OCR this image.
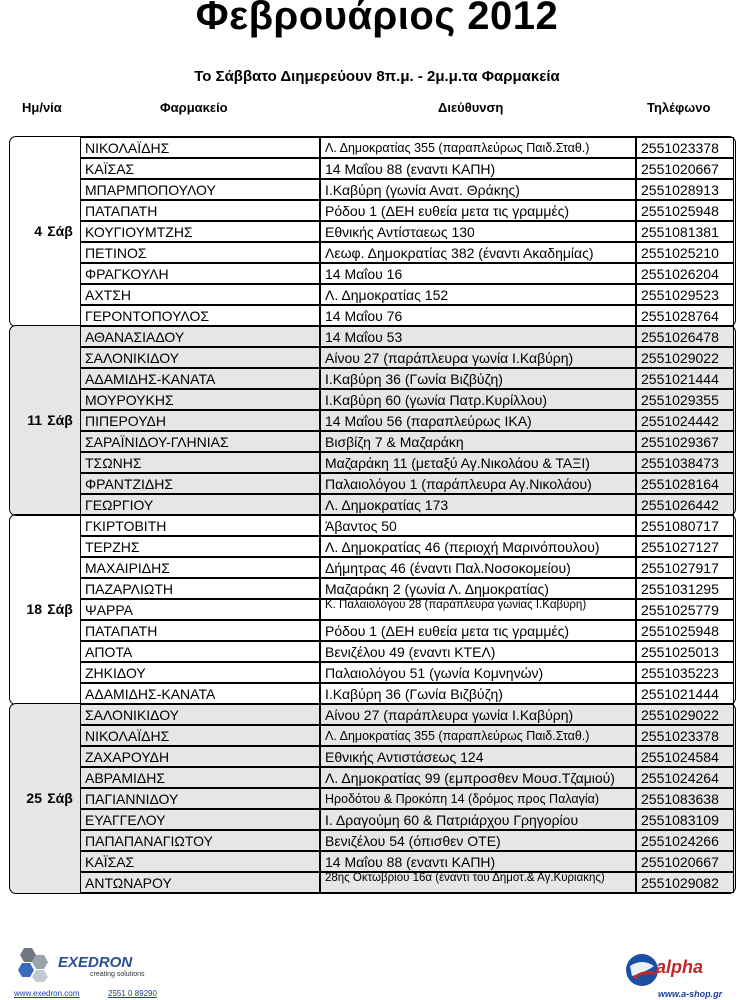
Φεβρουάριος 2012
Το Σάββατο Διημερεύουν 8π.μ. - 2μ.μ.τα Φαρμακεία
Ημ/νία	Φαρμακείο	Διεύθυνση	Τηλέφωνο
4 Σάβ
ΝΙΚΟΛΑΪΔΗΣ	Λ. Δημοκρατίας 355 (παραπλεύρως Παιδ.Σταθ.)	2551023378
ΚΑΪΣΑΣ	14 Μαΐου 88 (εναντι ΚΑΠΗ)	2551020667
ΜΠΑΡΜΠΟΠΟΥΛΟΥ	Ι.Καβύρη (γωνία Ανατ. Θράκης)	2551028913
ΠΑΤΑΠΑΤΗ	Ρόδου 1 (ΔΕΗ ευθεία μετα τις γραμμές)	2551025948
ΚΟΥΓΙΟΥΜΤΖΗΣ	Εθνικής Αντίσταεως 130	2551081381
ΠΕΤΙΝΟΣ	Λεωφ. Δημοκρατίας 382 (έναντι Ακαδημίας)	2551025210
ΦΡΑΓΚΟΥΛΗ	14 Μαΐου 16	2551026204
ΑΧΤΣΗ	Λ. Δημοκρατίας 152	2551029523
ΓΕΡΟΝΤΟΠΟΥΛΟΣ	14 Μαΐου 76	2551028764
11 Σάβ
ΑΘΑΝΑΣΙΑΔΟΥ	14 Μαΐου 53	2551026478
ΣΑΛΟΝΙΚΙΔΟΥ	Αίνου 27 (παράπλευρα γωνία Ι.Καβύρη)	2551029022
ΑΔΑΜΙΔΗΣ-ΚΑΝΑΤΑ	Ι.Καβύρη 36 (Γωνία Βιζβύζη)	2551021444
ΜΟΥΡΟΥΚΗΣ	Ι.Καβύρη 60 (γωνία Πατρ.Κυρίλλου)	2551029355
ΠΙΠΕΡΟΥΔΗ	14 Μαΐου 56 (παραπλεύρως ΙΚΑ)	2551024442
ΣΑΡΑΪΝΙΔΟΥ-ΓΛΗΝΙΑΣ	Βισβίζη 7 & Μαζαράκη	2551029367
ΤΣΩΝΗΣ	Μαζαράκη 11 (μεταξύ Αγ.Νικολάου & ΤΑΞΙ)	2551038473
ΦΡΑΝΤΖΙΔΗΣ	Παλαιολόγου 1 (παράπλευρα Αγ.Νικολάου)	2551028164
ΓΕΩΡΓΙΟΥ	Λ. Δημοκρατίας 173	2551026442
18 Σάβ
ΓΚΙΡΤΟΒΙΤΗ	Άβαντος 50	2551080717
ΤΕΡΖΗΣ	Λ. Δημοκρατίας 46 (περιοχή Μαρινόπουλου)	2551027127
ΜΑΧΑΙΡΙΔΗΣ	Δήμητρας 46 (έναντι Παλ.Νοσοκομείου)	2551027917
ΠΑΖΑΡΛΙΩΤΗ	Μαζαράκη 2 (γωνία Λ. Δημοκρατίας)	2551031295
ΨΑΡΡΑ	Κ. Παλαιολόγου 28 (παράπλευρα γωνίας Ι.Καβύρη)	2551025779
ΠΑΤΑΠΑΤΗ	Ρόδου 1 (ΔΕΗ ευθεία μετα τις γραμμές)	2551025948
ΑΠΟΤΑ	Βενιζέλου 49 (εναντι ΚΤΕΛ)	2551025013
ΖΗΚΙΔΟΥ	Παλαιολόγου 51 (γωνία Κομνηνών)	2551035223
ΑΔΑΜΙΔΗΣ-ΚΑΝΑΤΑ	Ι.Καβύρη 36 (Γωνία Βιζβύζη)	2551021444
25 Σάβ
ΣΑΛΟΝΙΚΙΔΟΥ	Αίνου 27 (παράπλευρα γωνία Ι.Καβύρη)	2551029022
ΝΙΚΟΛΑΪΔΗΣ	Λ. Δημοκρατίας 355 (παραπλεύρως Παιδ.Σταθ.)	2551023378
ΖΑΧΑΡΟΥΔΗ	Εθνικής Αντιστάσεως 124	2551024584
ΑΒΡΑΜΙΔΗΣ	Λ. Δημοκρατίας 99 (εμπροσθεν Μουσ.Τζαμιού)	2551024264
ΠΑΓΙΑΝΝΙΔΟΥ	Ηροδότου & Προκόπη 14 (δρόμος προς Παλαγία)	2551083638
ΕΥΑΓΓΕΛΟΥ	Ι. Δραγούμη 60 & Πατριάρχου Γρηγορίου	2551083109
ΠΑΠΑΠΑΝΑΓΙΩΤΟΥ	Βενιζέλου 54 (όπισθεν ΟΤΕ)	2551024266
ΚΑΪΣΑΣ	14 Μαΐου 88 (εναντι ΚΑΠΗ)	2551020667
ΑΝΤΩΝΑΡΟΥ	28ης Οκτωβρίου 16α (έναντι του Δημοτ.& Αγ.Κυριακης)	2551029082
EXEDRON
creating solutions
www.exedron.com	2551 0 89290
alpha
www.a-shop.gr
